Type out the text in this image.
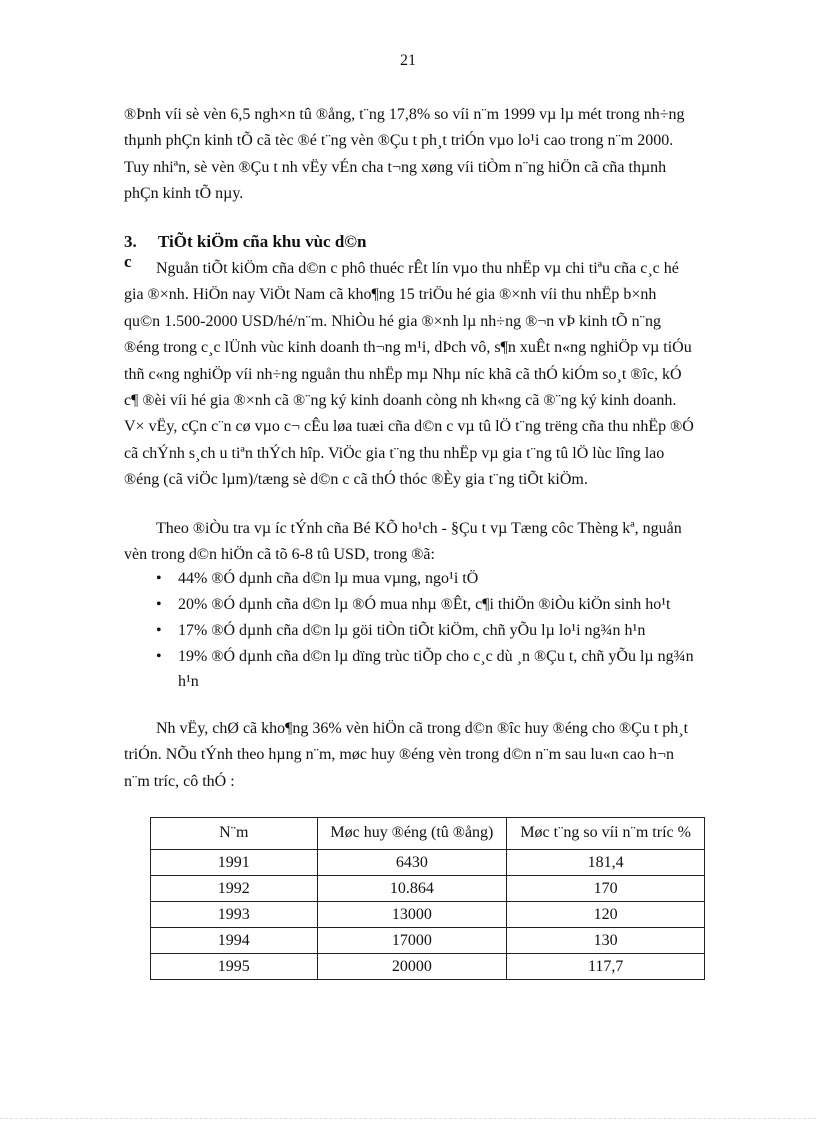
21
®Þnh víi sè vèn 6,5 ngh×n tû ®ång, t¨ng 17,8% so víi n¨m 1999 vµ lµ mét trong nh÷ng thµnh phÇn kinh tÕ cã tèc ®é t¨ng vèn ®Çu t ph¸t triÓn vµo lo¹i cao trong n¨m 2000. Tuy nhiªn, sè vèn ®Çu t nh vËy vÉn cha t¬ng xøng víi tiÒm n¨ng hiÖn cã cña thµnh phÇn kinh tÕ nµy.
3. TiÕt kiÖm cña khu vùc d©n c	Nguån tiÕt kiÖm cña d©n c phô thuéc rÊt lín vµo thu nhËp vµ chi tiªu cña c¸c hé gia ®×nh. HiÖn nay ViÖt Nam cã kho¶ng 15 triÖu hé gia ®×nh víi thu nhËp b×nh qu©n 1.500-2000 USD/hé/n¨m. NhiÒu hé gia ®×nh lµ nh÷ng ®¬n vÞ kinh tÕ n¨ng ®éng trong c¸c lÜnh vùc kinh doanh th¬ng m¹i, dÞch vô, s¶n xuÊt n«ng nghiÖp vµ tiÓu thñ c«ng nghiÖp víi nh÷ng nguån thu nhËp mµ Nhµ níc khã cã thÓ kiÓm so¸t ®îc, kÓ c¶ ®èi víi hé gia ®×nh cã ®¨ng ký kinh doanh còng nh kh«ng cã ®¨ng ký kinh doanh. V× vËy, cÇn c¨n cø vµo c¬ cÊu løa tuæi cña d©n c vµ tû lÖ t¨ng trëng cña thu nhËp ®Ó cã chÝnh s¸ch u tiªn thÝch hîp. ViÖc gia t¨ng thu nhËp vµ gia t¨ng tû lÖ lùc lîng lao ®éng (cã viÖc lµm)/tæng sè d©n c cã thÓ thóc ®Èy gia t¨ng tiÕt kiÖm.
Theo ®iÒu tra vµ íc tÝnh cña Bé KÕ ho¹ch - §Çu t vµ Tæng côc Thèng kª, nguån vèn trong d©n hiÖn cã tõ 6-8 tû USD, trong ®ã:
• 44% ®Ó dµnh cña d©n lµ mua vµng, ngo¹i tÖ
• 20% ®Ó dµnh cña d©n lµ ®Ó mua nhµ ®Êt, c¶i thiÖn ®iÒu kiÖn sinh ho¹t
• 17% ®Ó dµnh cña d©n lµ göi tiÒn tiÕt kiÖm, chñ yÕu lµ lo¹i ng¾n h¹n
• 19% ®Ó dµnh cña d©n lµ dïng trùc tiÕp cho c¸c dù ¸n ®Çu t, chñ yÕu lµ ng¾n h¹n
Nh vËy, chØ cã kho¶ng 36% vèn hiÖn cã trong d©n ®îc huy ®éng cho ®Çu t ph¸t triÓn. NÕu tÝnh theo hµng n¨m, møc huy ®éng vèn trong d©n n¨m sau lu«n cao h¬n n¨m tríc, cô thÓ :
N¨m	Møc huy ®éng (tû ®ång)	Møc t¨ng so víi n¨m tríc %
1991	6430	181,4
1992	10.864	170
1993	13000	120
1994	17000	130
1995	20000	117,7
